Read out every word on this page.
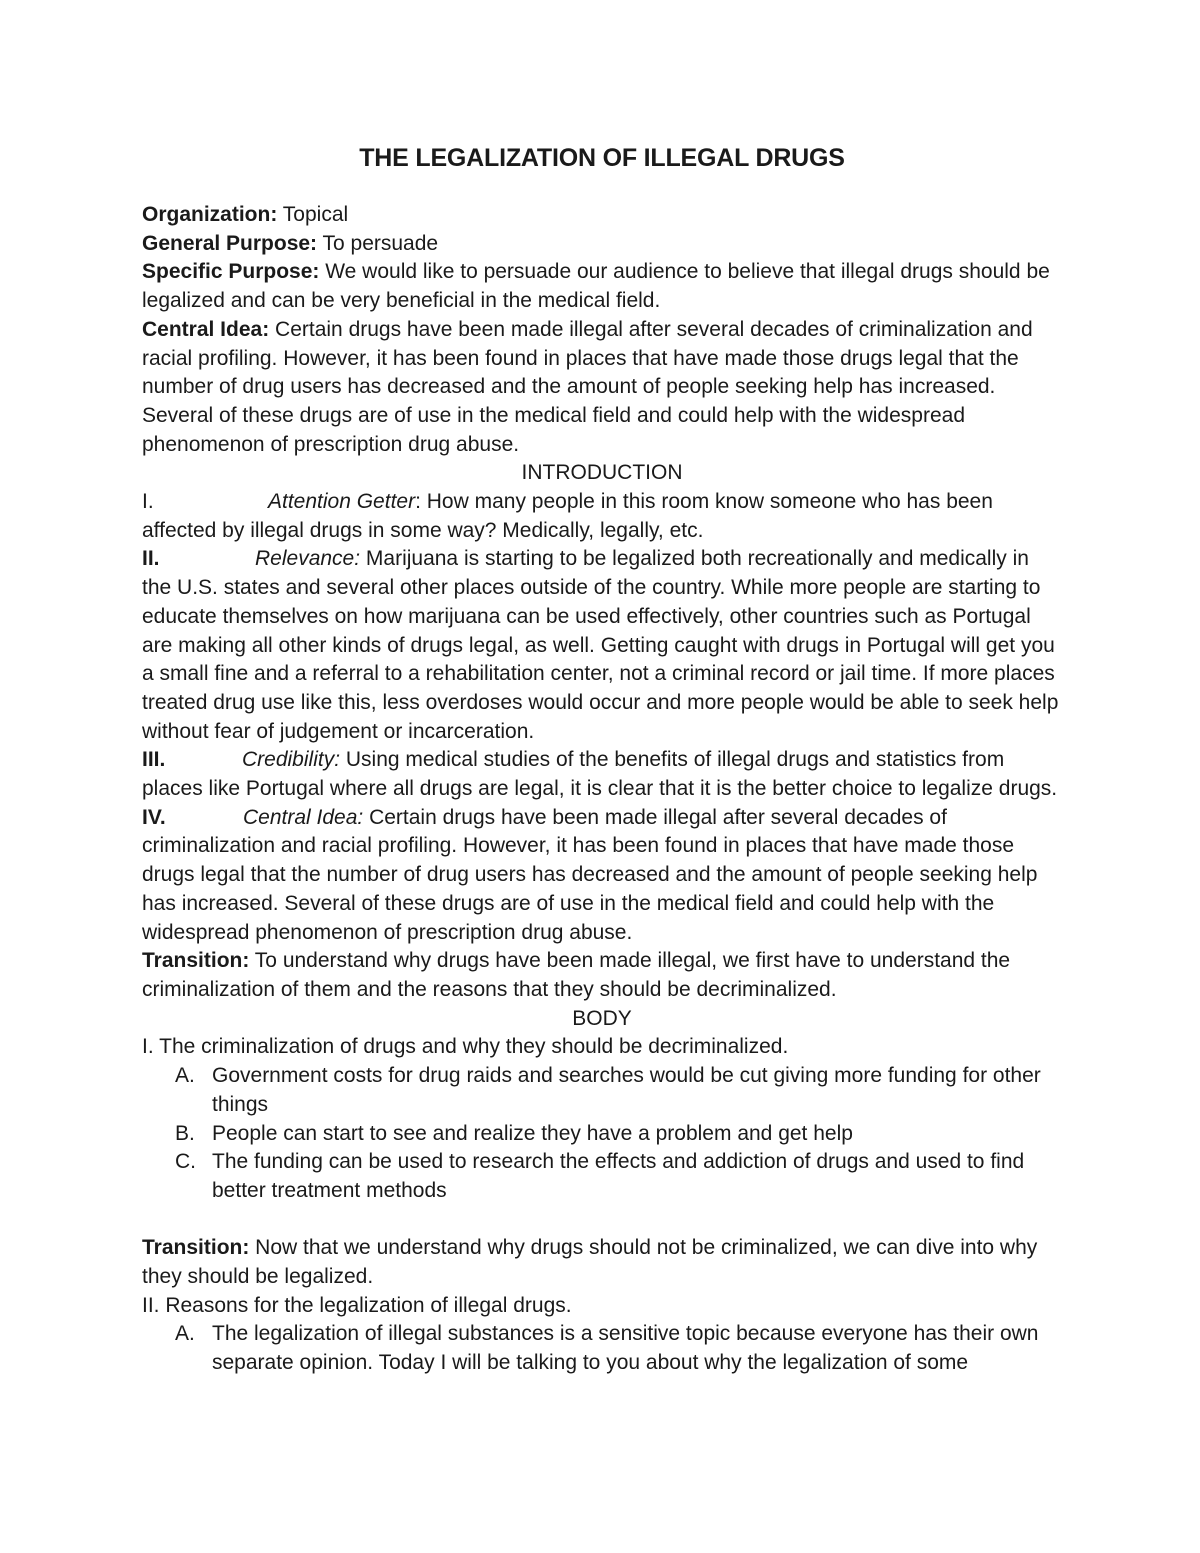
THE LEGALIZATION OF ILLEGAL DRUGS

Organization: Topical

General Purpose: To persuade

Specific Purpose: We would like to persuade our audience to believe that illegal drugs should be legalized and can be very beneficial in the medical field.

Central Idea: Certain drugs have been made illegal after several decades of criminalization and racial profiling. However, it has been found in places that have made those drugs legal that the number of drug users has decreased and the amount of people seeking help has increased. Several of these drugs are of use in the medical field and could help with the widespread phenomenon of prescription drug abuse.

INTRODUCTION

I.	Attention Getter: How many people in this room know someone who has been affected by illegal drugs in some way? Medically, legally, etc.

II.	Relevance: Marijuana is starting to be legalized both recreationally and medically in the U.S. states and several other places outside of the country. While more people are starting to educate themselves on how marijuana can be used effectively, other countries such as Portugal are making all other kinds of drugs legal, as well. Getting caught with drugs in Portugal will get you a small fine and a referral to a rehabilitation center, not a criminal record or jail time. If more places treated drug use like this, less overdoses would occur and more people would be able to seek help without fear of judgement or incarceration.

III.	Credibility: Using medical studies of the benefits of illegal drugs and statistics from places like Portugal where all drugs are legal, it is clear that it is the better choice to legalize drugs.

IV.	Central Idea: Certain drugs have been made illegal after several decades of criminalization and racial profiling. However, it has been found in places that have made those drugs legal that the number of drug users has decreased and the amount of people seeking help has increased. Several of these drugs are of use in the medical field and could help with the widespread phenomenon of prescription drug abuse.

Transition: To understand why drugs have been made illegal, we first have to understand the criminalization of them and the reasons that they should be decriminalized.

BODY

I. The criminalization of drugs and why they should be decriminalized.

A. Government costs for drug raids and searches would be cut giving more funding for other things
B. People can start to see and realize they have a problem and get help
C. The funding can be used to research the effects and addiction of drugs and used to find better treatment methods

Transition: Now that we understand why drugs should not be criminalized, we can dive into why they should be legalized.

II. Reasons for the legalization of illegal drugs.

A. The legalization of illegal substances is a sensitive topic because everyone has their own separate opinion. Today I will be talking to you about why the legalization of some
